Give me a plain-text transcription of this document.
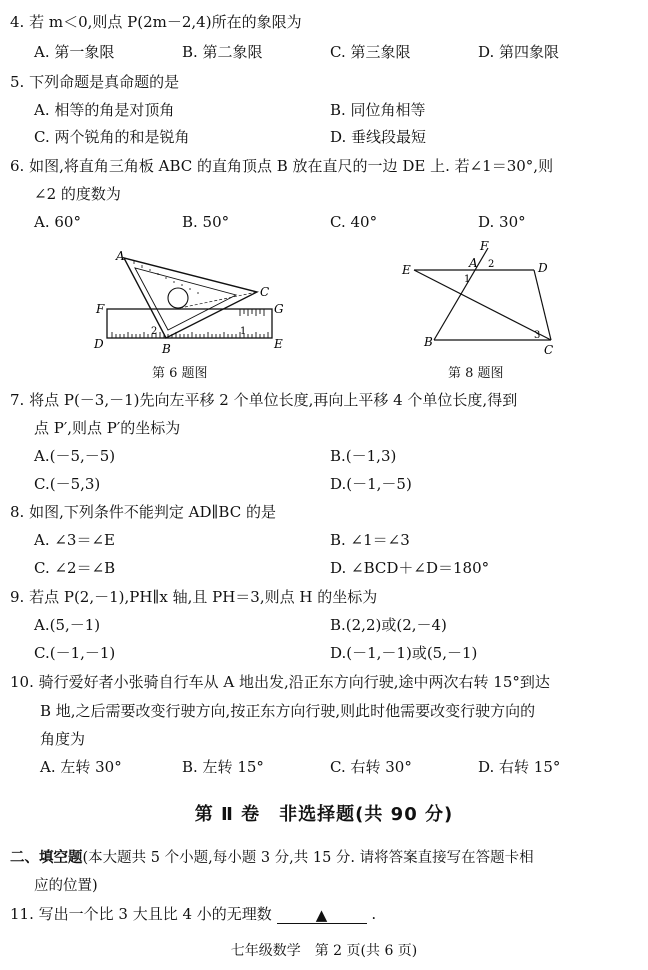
4. 若 m＜0,则点 P(2m－2,4)所在的象限为
A. 第一象限	B. 第二象限	C. 第三象限	D. 第四象限
5. 下列命题是真命题的是
A. 相等的角是对顶角	B. 同位角相等
C. 两个锐角的和是锐角	D. 垂线段最短
6. 如图,将直角三角板 ABC 的直角顶点 B 放在直尺的一边 DE 上. 若∠1＝30°,则
∠2 的度数为
A. 60°	B. 50°	C. 40°	D. 30°
A
C
F	G
D	B	E
1
2
第 6 题图
F
A	D
E
B
C
1
2
3
第 8 题图
7. 将点 P(－3,－1)先向左平移 2 个单位长度,再向上平移 4 个单位长度,得到
点 P′,则点 P′的坐标为
A.(－5,－5)	B.(－1,3)
C.(－5,3)	D.(－1,－5)
8. 如图,下列条件不能判定 AD∥BC 的是
A. ∠3＝∠E	B. ∠1＝∠3
C. ∠2＝∠B	D. ∠BCD＋∠D＝180°
9. 若点 P(2,－1),PH∥x 轴,且 PH＝3,则点 H 的坐标为
A.(5,－1)	B.(2,2)或(2,－4)
C.(－1,－1)	D.(－1,－1)或(5,－1)
10. 骑行爱好者小张骑自行车从 A 地出发,沿正东方向行驶,途中两次右转 15°到达
B 地,之后需要改变行驶方向,按正东方向行驶,则此时他需要改变行驶方向的
角度为
A. 左转 30°	B. 左转 15°	C. 右转 30°	D. 右转 15°
第 Ⅱ 卷　非选择题(共 90 分)
二、填空题(本大题共 5 个小题,每小题 3 分,共 15 分. 请将答案直接写在答题卡相
应的位置)
11. 写出一个比 3 大且比 4 小的无理数	▲	.
七年级数学　第 2 页(共 6 页)
